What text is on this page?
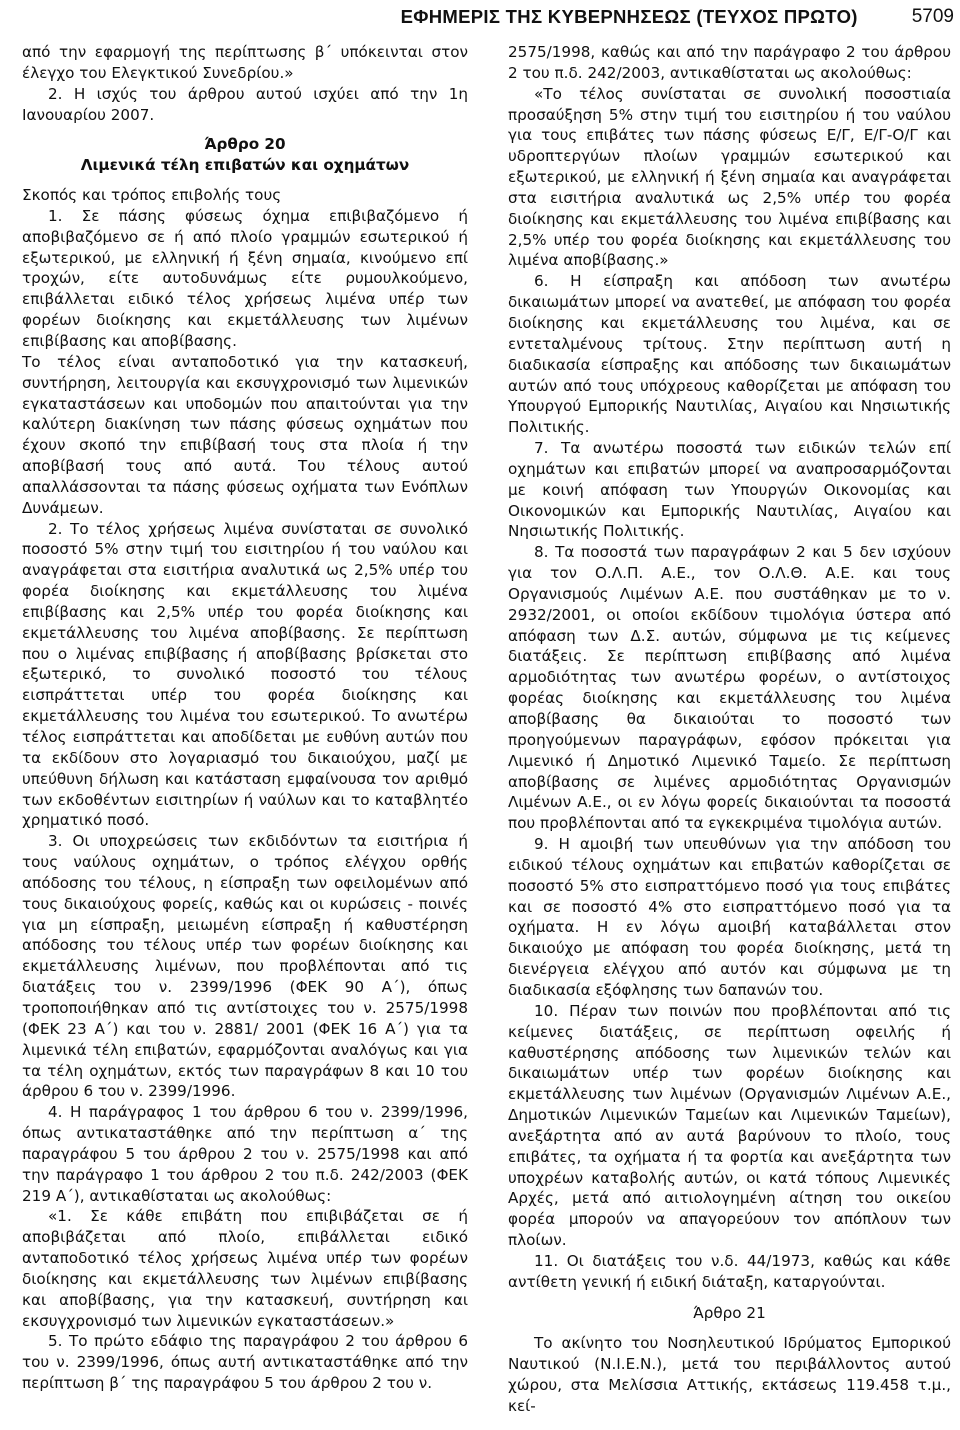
ΕΦΗΜΕΡΙΣ ΤΗΣ ΚΥΒΕΡΝΗΣΕΩΣ (ΤΕΥΧΟΣ ΠΡΩΤΟ)	5709

από την εφαρμογή της περίπτωσης β΄ υπόκεινται στον έλεγχο του Ελεγκτικού Συνεδρίου.»

2. Η ισχύς του άρθρου αυτού ισχύει από την 1η Ιανουαρίου 2007.

Άρθρο 20

Λιμενικά τέλη επιβατών και οχημάτων

Σκοπός και τρόπος επιβολής τους

1. Σε πάσης φύσεως όχημα επιβιβαζόμενο ή αποβιβαζόμενο σε ή από πλοίο γραμμών εσωτερικού ή εξωτερικού, με ελληνική ή ξένη σημαία, κινούμενο επί τροχών, είτε αυτοδυνάμως είτε ρυμουλκούμενο, επιβάλλεται ειδικό τέλος χρήσεως λιμένα υπέρ των φορέων διοίκησης και εκμετάλλευσης των λιμένων επιβίβασης και αποβίβασης.

Το τέλος είναι ανταποδοτικό για την κατασκευή, συντήρηση, λειτουργία και εκσυγχρονισμό των λιμενικών εγκαταστάσεων και υποδομών που απαιτούνται για την καλύτερη διακίνηση των πάσης φύσεως οχημάτων που έχουν σκοπό την επιβίβασή τους στα πλοία ή την αποβίβασή τους από αυτά. Του τέλους αυτού απαλλάσσονται τα πάσης φύσεως οχήματα των Ενόπλων Δυνάμεων.

2. Το τέλος χρήσεως λιμένα συνίσταται σε συνολικό ποσοστό 5% στην τιμή του εισιτηρίου ή του ναύλου και αναγράφεται στα εισιτήρια αναλυτικά ως 2,5% υπέρ του φορέα διοίκησης και εκμετάλλευσης του λιμένα επιβίβασης και 2,5% υπέρ του φορέα διοίκησης και εκμετάλλευσης του λιμένα αποβίβασης. Σε περίπτωση που ο λιμένας επιβίβασης ή αποβίβασης βρίσκεται στο εξωτερικό, το συνολικό ποσοστό του τέλους εισπράττεται υπέρ του φορέα διοίκησης και εκμετάλλευσης του λιμένα του εσωτερικού. Το ανωτέρω τέλος εισπράττεται και αποδίδεται με ευθύνη αυτών που τα εκδίδουν στο λογαριασμό του δικαιούχου, μαζί με υπεύθυνη δήλωση και κατάσταση εμφαίνουσα τον αριθμό των εκδοθέντων εισιτηρίων ή ναύλων και το καταβλητέο χρηματικό ποσό.

3. Οι υποχρεώσεις των εκδιδόντων τα εισιτήρια ή τους ναύλους οχημάτων, ο τρόπος ελέγχου ορθής απόδοσης του τέλους, η είσπραξη των οφειλομένων από τους δικαιούχους φορείς, καθώς και οι κυρώσεις - ποινές για μη είσπραξη, μειωμένη είσπραξη ή καθυστέρηση απόδοσης του τέλους υπέρ των φορέων διοίκησης και εκμετάλλευσης λιμένων, που προβλέπονται από τις διατάξεις του ν. 2399/1996 (ΦΕΚ 90 Α΄), όπως τροποποιήθηκαν από τις αντίστοιχες του ν. 2575/1998 (ΦΕΚ 23 Α΄) και του ν. 2881/ 2001 (ΦΕΚ 16 Α΄) για τα λιμενικά τέλη επιβατών, εφαρμόζονται αναλόγως και για τα τέλη οχημάτων, εκτός των παραγράφων 8 και 10 του άρθρου 6 του ν. 2399/1996.

4. Η παράγραφος 1 του άρθρου 6 του ν. 2399/1996, όπως αντικαταστάθηκε από την περίπτωση α΄ της παραγράφου 5 του άρθρου 2 του ν. 2575/1998 και από την παράγραφο 1 του άρθρου 2 του π.δ. 242/2003 (ΦΕΚ 219 Α΄), αντικαθίσταται ως ακολούθως:

«1. Σε κάθε επιβάτη που επιβιβάζεται σε ή αποβιβάζεται από πλοίο, επιβάλλεται ειδικό ανταποδοτικό τέλος χρήσεως λιμένα υπέρ των φορέων διοίκησης και εκμετάλλευσης των λιμένων επιβίβασης και αποβίβασης, για την κατασκευή, συντήρηση και εκσυγχρονισμό των λιμενικών εγκαταστάσεων.»

5. Το πρώτο εδάφιο της παραγράφου 2 του άρθρου 6 του ν. 2399/1996, όπως αυτή αντικαταστάθηκε από την περίπτωση β΄ της παραγράφου 5 του άρθρου 2 του ν.

2575/1998, καθώς και από την παράγραφο 2 του άρθρου 2 του π.δ. 242/2003, αντικαθίσταται ως ακολούθως:

«Το τέλος συνίσταται σε συνολική ποσοστιαία προσαύξηση 5% στην τιμή του εισιτηρίου ή του ναύλου για τους επιβάτες των πάσης φύσεως Ε/Γ, Ε/Γ-Ο/Γ και υδροπτεργύων πλοίων γραμμών εσωτερικού και εξωτερικού, με ελληνική ή ξένη σημαία και αναγράφεται στα εισιτήρια αναλυτικά ως 2,5% υπέρ του φορέα διοίκησης και εκμετάλλευσης του λιμένα επιβίβασης και 2,5% υπέρ του φορέα διοίκησης και εκμετάλλευσης του λιμένα αποβίβασης.»

6. Η είσπραξη και απόδοση των ανωτέρω δικαιωμάτων μπορεί να ανατεθεί, με απόφαση του φορέα διοίκησης και εκμετάλλευσης του λιμένα, και σε εντεταλμένους τρίτους. Στην περίπτωση αυτή η διαδικασία είσπραξης και απόδοσης των δικαιωμάτων αυτών από τους υπόχρεους καθορίζεται με απόφαση του Υπουργού Εμπορικής Ναυτιλίας, Αιγαίου και Νησιωτικής Πολιτικής.

7. Τα ανωτέρω ποσοστά των ειδικών τελών επί οχημάτων και επιβατών μπορεί να αναπροσαρμόζονται με κοινή απόφαση των Υπουργών Οικονομίας και Οικονομικών και Εμπορικής Ναυτιλίας, Αιγαίου και Νησιωτικής Πολιτικής.

8. Τα ποσοστά των παραγράφων 2 και 5 δεν ισχύουν για τον Ο.Λ.Π. Α.Ε., τον Ο.Λ.Θ. Α.Ε. και τους Οργανισμούς Λιμένων Α.Ε. που συστάθηκαν με το ν. 2932/2001, οι οποίοι εκδίδουν τιμολόγια ύστερα από απόφαση των Δ.Σ. αυτών, σύμφωνα με τις κείμενες διατάξεις. Σε περίπτωση επιβίβασης από λιμένα αρμοδιότητας των ανωτέρω φορέων, ο αντίστοιχος φορέας διοίκησης και εκμετάλλευσης του λιμένα αποβίβασης θα δικαιούται το ποσοστό των προηγούμενων παραγράφων, εφόσον πρόκειται για Λιμενικό ή Δημοτικό Λιμενικό Ταμείο. Σε περίπτωση αποβίβασης σε λιμένες αρμοδιότητας Οργανισμών Λιμένων Α.Ε., οι εν λόγω φορείς δικαιούνται τα ποσοστά που προβλέπονται από τα εγκεκριμένα τιμολόγια αυτών.

9. Η αμοιβή των υπευθύνων για την απόδοση του ειδικού τέλους οχημάτων και επιβατών καθορίζεται σε ποσοστό 5% στο εισπραττόμενο ποσό για τους επιβάτες και σε ποσοστό 4% στο εισπραττόμενο ποσό για τα οχήματα. Η εν λόγω αμοιβή καταβάλλεται στον δικαιούχο με απόφαση του φορέα διοίκησης, μετά τη διενέργεια ελέγχου από αυτόν και σύμφωνα με τη διαδικασία εξόφλησης των δαπανών του.

10. Πέραν των ποινών που προβλέπονται από τις κείμενες διατάξεις, σε περίπτωση οφειλής ή καθυστέρησης απόδοσης των λιμενικών τελών και δικαιωμάτων υπέρ των φορέων διοίκησης και εκμετάλλευσης των λιμένων (Οργανισμών Λιμένων Α.Ε., Δημοτικών Λιμενικών Ταμείων και Λιμενικών Ταμείων), ανεξάρτητα από αν αυτά βαρύνουν το πλοίο, τους επιβάτες, τα οχήματα ή τα φορτία και ανεξάρτητα των υποχρέων καταβολής αυτών, οι κατά τόπους Λιμενικές Αρχές, μετά από αιτιολογημένη αίτηση του οικείου φορέα μπορούν να απαγορεύουν τον απόπλουν των πλοίων.

11. Οι διατάξεις του ν.δ. 44/1973, καθώς και κάθε αντίθετη γενική ή ειδική διάταξη, καταργούνται.

Άρθρο 21

Το ακίνητο του Νοσηλευτικού Ιδρύματος Εμπορικού Ναυτικού (Ν.Ι.Ε.Ν.), μετά του περιβάλλοντος αυτού χώρου, στα Μελίσσια Αττικής, εκτάσεως 119.458 τ.μ., κεί-
